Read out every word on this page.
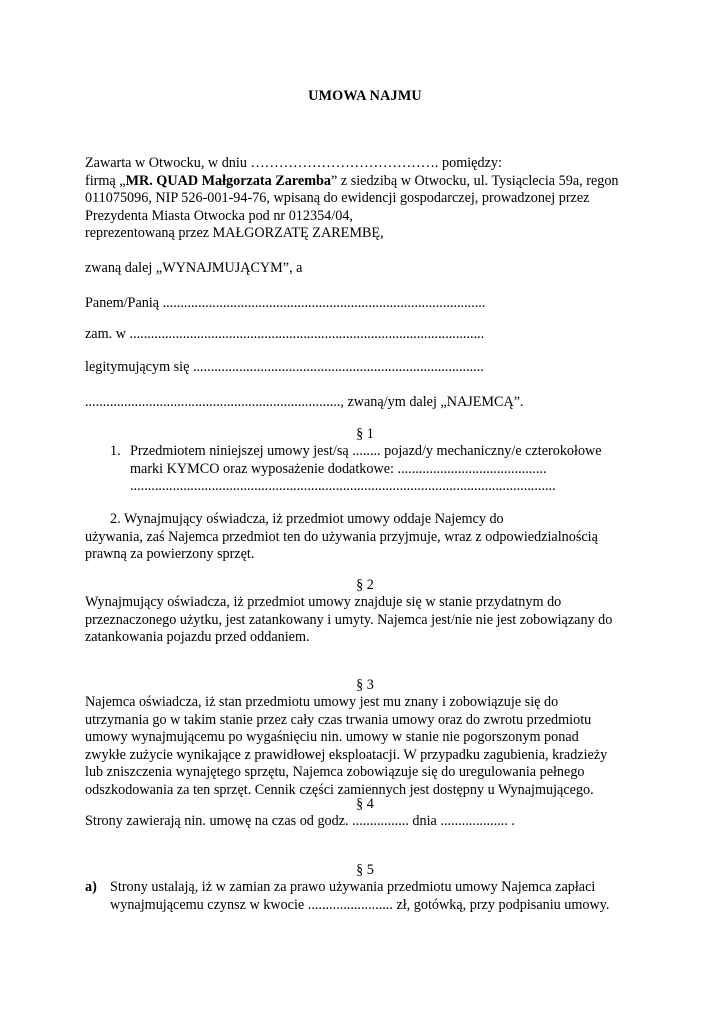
UMOWA NAJMU
Zawarta w Otwocku, w dniu …………………………………. pomiędzy:
firmą „MR. QUAD Małgorzata Zaremba” z siedzibą w Otwocku, ul. Tysiąclecia 59a, regon
011075096, NIP 526-001-94-76, wpisaną do ewidencji gospodarczej, prowadzonej przez
Prezydenta Miasta Otwocka pod nr 012354/04,
reprezentowaną przez MAŁGORZATĘ ZAREMBĘ,
zwaną dalej „WYNAJMUJĄCYM”, a
Panem/Panią ...........................................................................................
zam. w ....................................................................................................
legitymującym się ..................................................................................
........................................................................, zwaną/ym dalej „NAJEMCĄ”.
§ 1
1. Przedmiotem niniejszej umowy jest/są ........ pojazd/y mechaniczny/e czterokołowe
marki KYMCO oraz wyposażenie dodatkowe: ..........................................
........................................................................................................................
2. Wynajmujący oświadcza, iż przedmiot umowy oddaje Najemcy do
używania, zaś Najemca przedmiot ten do używania przyjmuje, wraz z odpowiedzialnością
prawną za powierzony sprzęt.
§ 2
Wynajmujący oświadcza, iż przedmiot umowy znajduje się w stanie przydatnym do
przeznaczonego użytku, jest zatankowany i umyty. Najemca jest/nie nie jest zobowiązany do
zatankowania pojazdu przed oddaniem.
§ 3
Najemca oświadcza, iż stan przedmiotu umowy jest mu znany i zobowiązuje się do
utrzymania go w takim stanie przez cały czas trwania umowy oraz do zwrotu przedmiotu
umowy wynajmującemu po wygaśnięciu nin. umowy w stanie nie pogorszonym ponad
zwykłe zużycie wynikające z prawidłowej eksploatacji. W przypadku zagubienia, kradzieży
lub zniszczenia wynajętego sprzętu, Najemca zobowiązuje się do uregulowania pełnego
odszkodowania za ten sprzęt. Cennik części zamiennych jest dostępny u Wynajmującego.
§ 4
Strony zawierają nin. umowę na czas od godz. ................ dnia ................... .
§ 5
a) Strony ustalają, iż w zamian za prawo używania przedmiotu umowy Najemca zapłaci
wynajmującemu czynsz w kwocie ........................ zł, gotówką, przy podpisaniu umowy.
